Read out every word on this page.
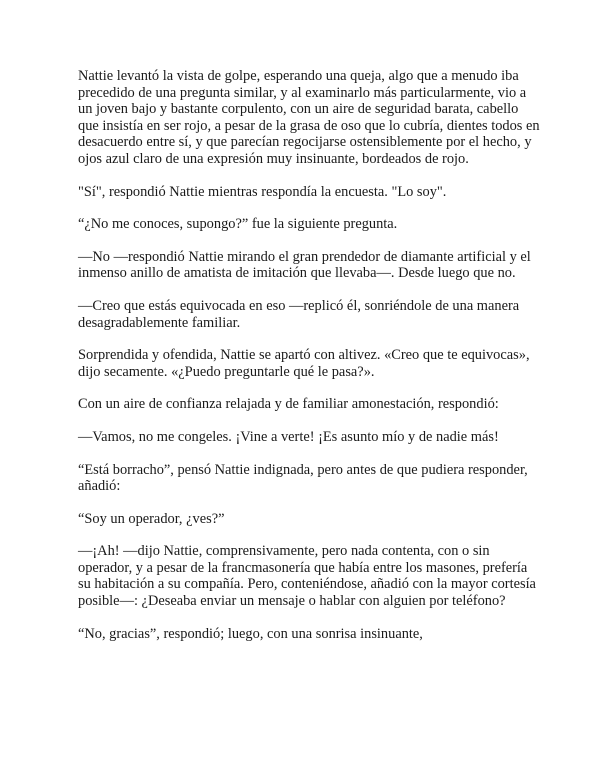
Nattie levantó la vista de golpe, esperando una queja, algo que a menudo iba precedido de una pregunta similar, y al examinarlo más particularmente, vio a un joven bajo y bastante corpulento, con un aire de seguridad barata, cabello que insistía en ser rojo, a pesar de la grasa de oso que lo cubría, dientes todos en desacuerdo entre sí, y que parecían regocijarse ostensiblemente por el hecho, y ojos azul claro de una expresión muy insinuante, bordeados de rojo.

"Sí", respondió Nattie mientras respondía la encuesta. "Lo soy".

“¿No me conoces, supongo?” fue la siguiente pregunta.

—No —respondió Nattie mirando el gran prendedor de diamante artificial y el inmenso anillo de amatista de imitación que llevaba—. Desde luego que no.

—Creo que estás equivocada en eso —replicó él, sonriéndole de una manera desagradablemente familiar.

Sorprendida y ofendida, Nattie se apartó con altivez. «Creo que te equivocas», dijo secamente. «¿Puedo preguntarle qué le pasa?».

Con un aire de confianza relajada y de familiar amonestación, respondió:

—Vamos, no me congeles. ¡Vine a verte! ¡Es asunto mío y de nadie más!

“Está borracho”, pensó Nattie indignada, pero antes de que pudiera responder, añadió:

“Soy un operador, ¿ves?”

—¡Ah! —dijo Nattie, comprensivamente, pero nada contenta, con o sin operador, y a pesar de la francmasonería que había entre los masones, prefería su habitación a su compañía. Pero, conteniéndose, añadió con la mayor cortesía posible—: ¿Deseaba enviar un mensaje o hablar con alguien por teléfono?

“No, gracias”, respondió; luego, con una sonrisa insinuante,
